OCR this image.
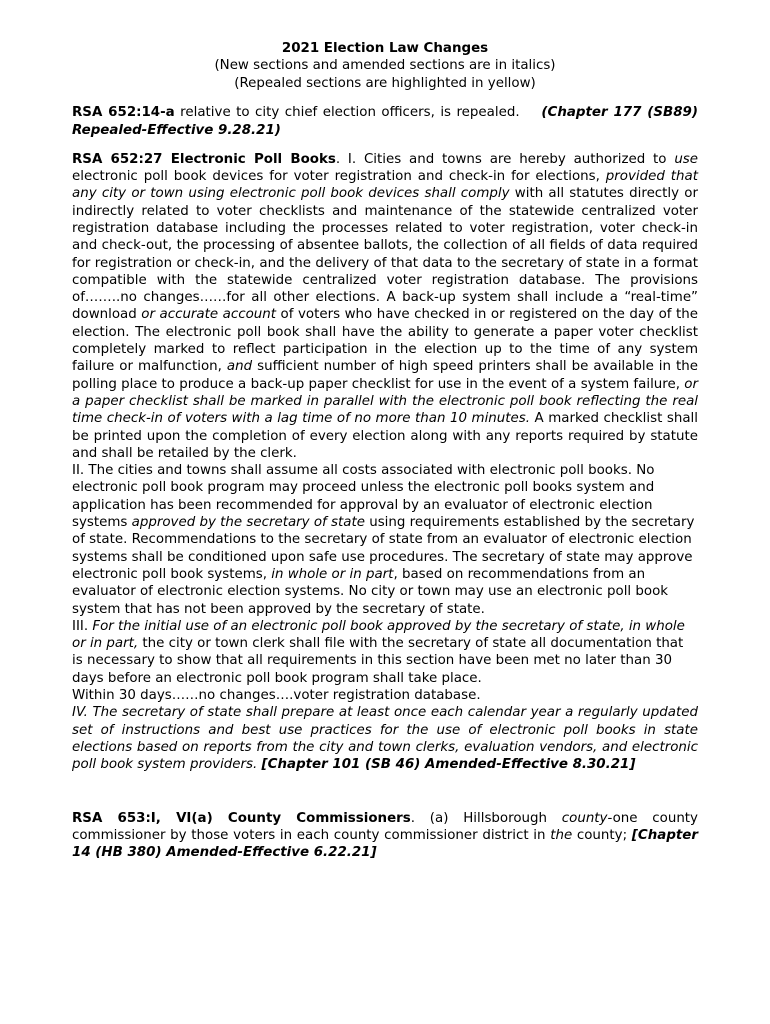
2021 Election Law Changes
(New sections and amended sections are in italics)
(Repealed sections are highlighted in yellow)

RSA 652:14-a relative to city chief election officers, is repealed. (Chapter 177 (SB89) Repealed-Effective 9.28.21)

RSA 652:27 Electronic Poll Books. I. Cities and towns are hereby authorized to use electronic poll book devices for voter registration and check-in for elections, provided that any city or town using electronic poll book devices shall comply with all statutes directly or indirectly related to voter checklists and maintenance of the statewide centralized voter registration database including the processes related to voter registration, voter check-in and check-out, the processing of absentee ballots, the collection of all fields of data required for registration or check-in, and the delivery of that data to the secretary of state in a format compatible with the statewide centralized voter registration database. The provisions of……..no changes……for all other elections. A back-up system shall include a “real-time” download or accurate account of voters who have checked in or registered on the day of the election. The electronic poll book shall have the ability to generate a paper voter checklist completely marked to reflect participation in the election up to the time of any system failure or malfunction, and sufficient number of high speed printers shall be available in the polling place to produce a back-up paper checklist for use in the event of a system failure, or a paper checklist shall be marked in parallel with the electronic poll book reflecting the real time check-in of voters with a lag time of no more than 10 minutes. A marked checklist shall be printed upon the completion of every election along with any reports required by statute and shall be retailed by the clerk.

II. The cities and towns shall assume all costs associated with electronic poll books. No electronic poll book program may proceed unless the electronic poll books system and application has been recommended for approval by an evaluator of electronic election systems approved by the secretary of state using requirements established by the secretary of state. Recommendations to the secretary of state from an evaluator of electronic election systems shall be conditioned upon safe use procedures. The secretary of state may approve electronic poll book systems, in whole or in part, based on recommendations from an evaluator of electronic election systems. No city or town may use an electronic poll book system that has not been approved by the secretary of state.

III. For the initial use of an electronic poll book approved by the secretary of state, in whole or in part, the city or town clerk shall file with the secretary of state all documentation that is necessary to show that all requirements in this section have been met no later than 30 days before an electronic poll book program shall take place.
Within 30 days……no changes….voter registration database.

IV. The secretary of state shall prepare at least once each calendar year a regularly updated set of instructions and best use practices for the use of electronic poll books in state elections based on reports from the city and town clerks, evaluation vendors, and electronic poll book system providers. [Chapter 101 (SB 46) Amended-Effective 8.30.21]

RSA 653:I, VI(a) County Commissioners. (a) Hillsborough county-one county commissioner by those voters in each county commissioner district in the county; [Chapter 14 (HB 380) Amended-Effective 6.22.21]
